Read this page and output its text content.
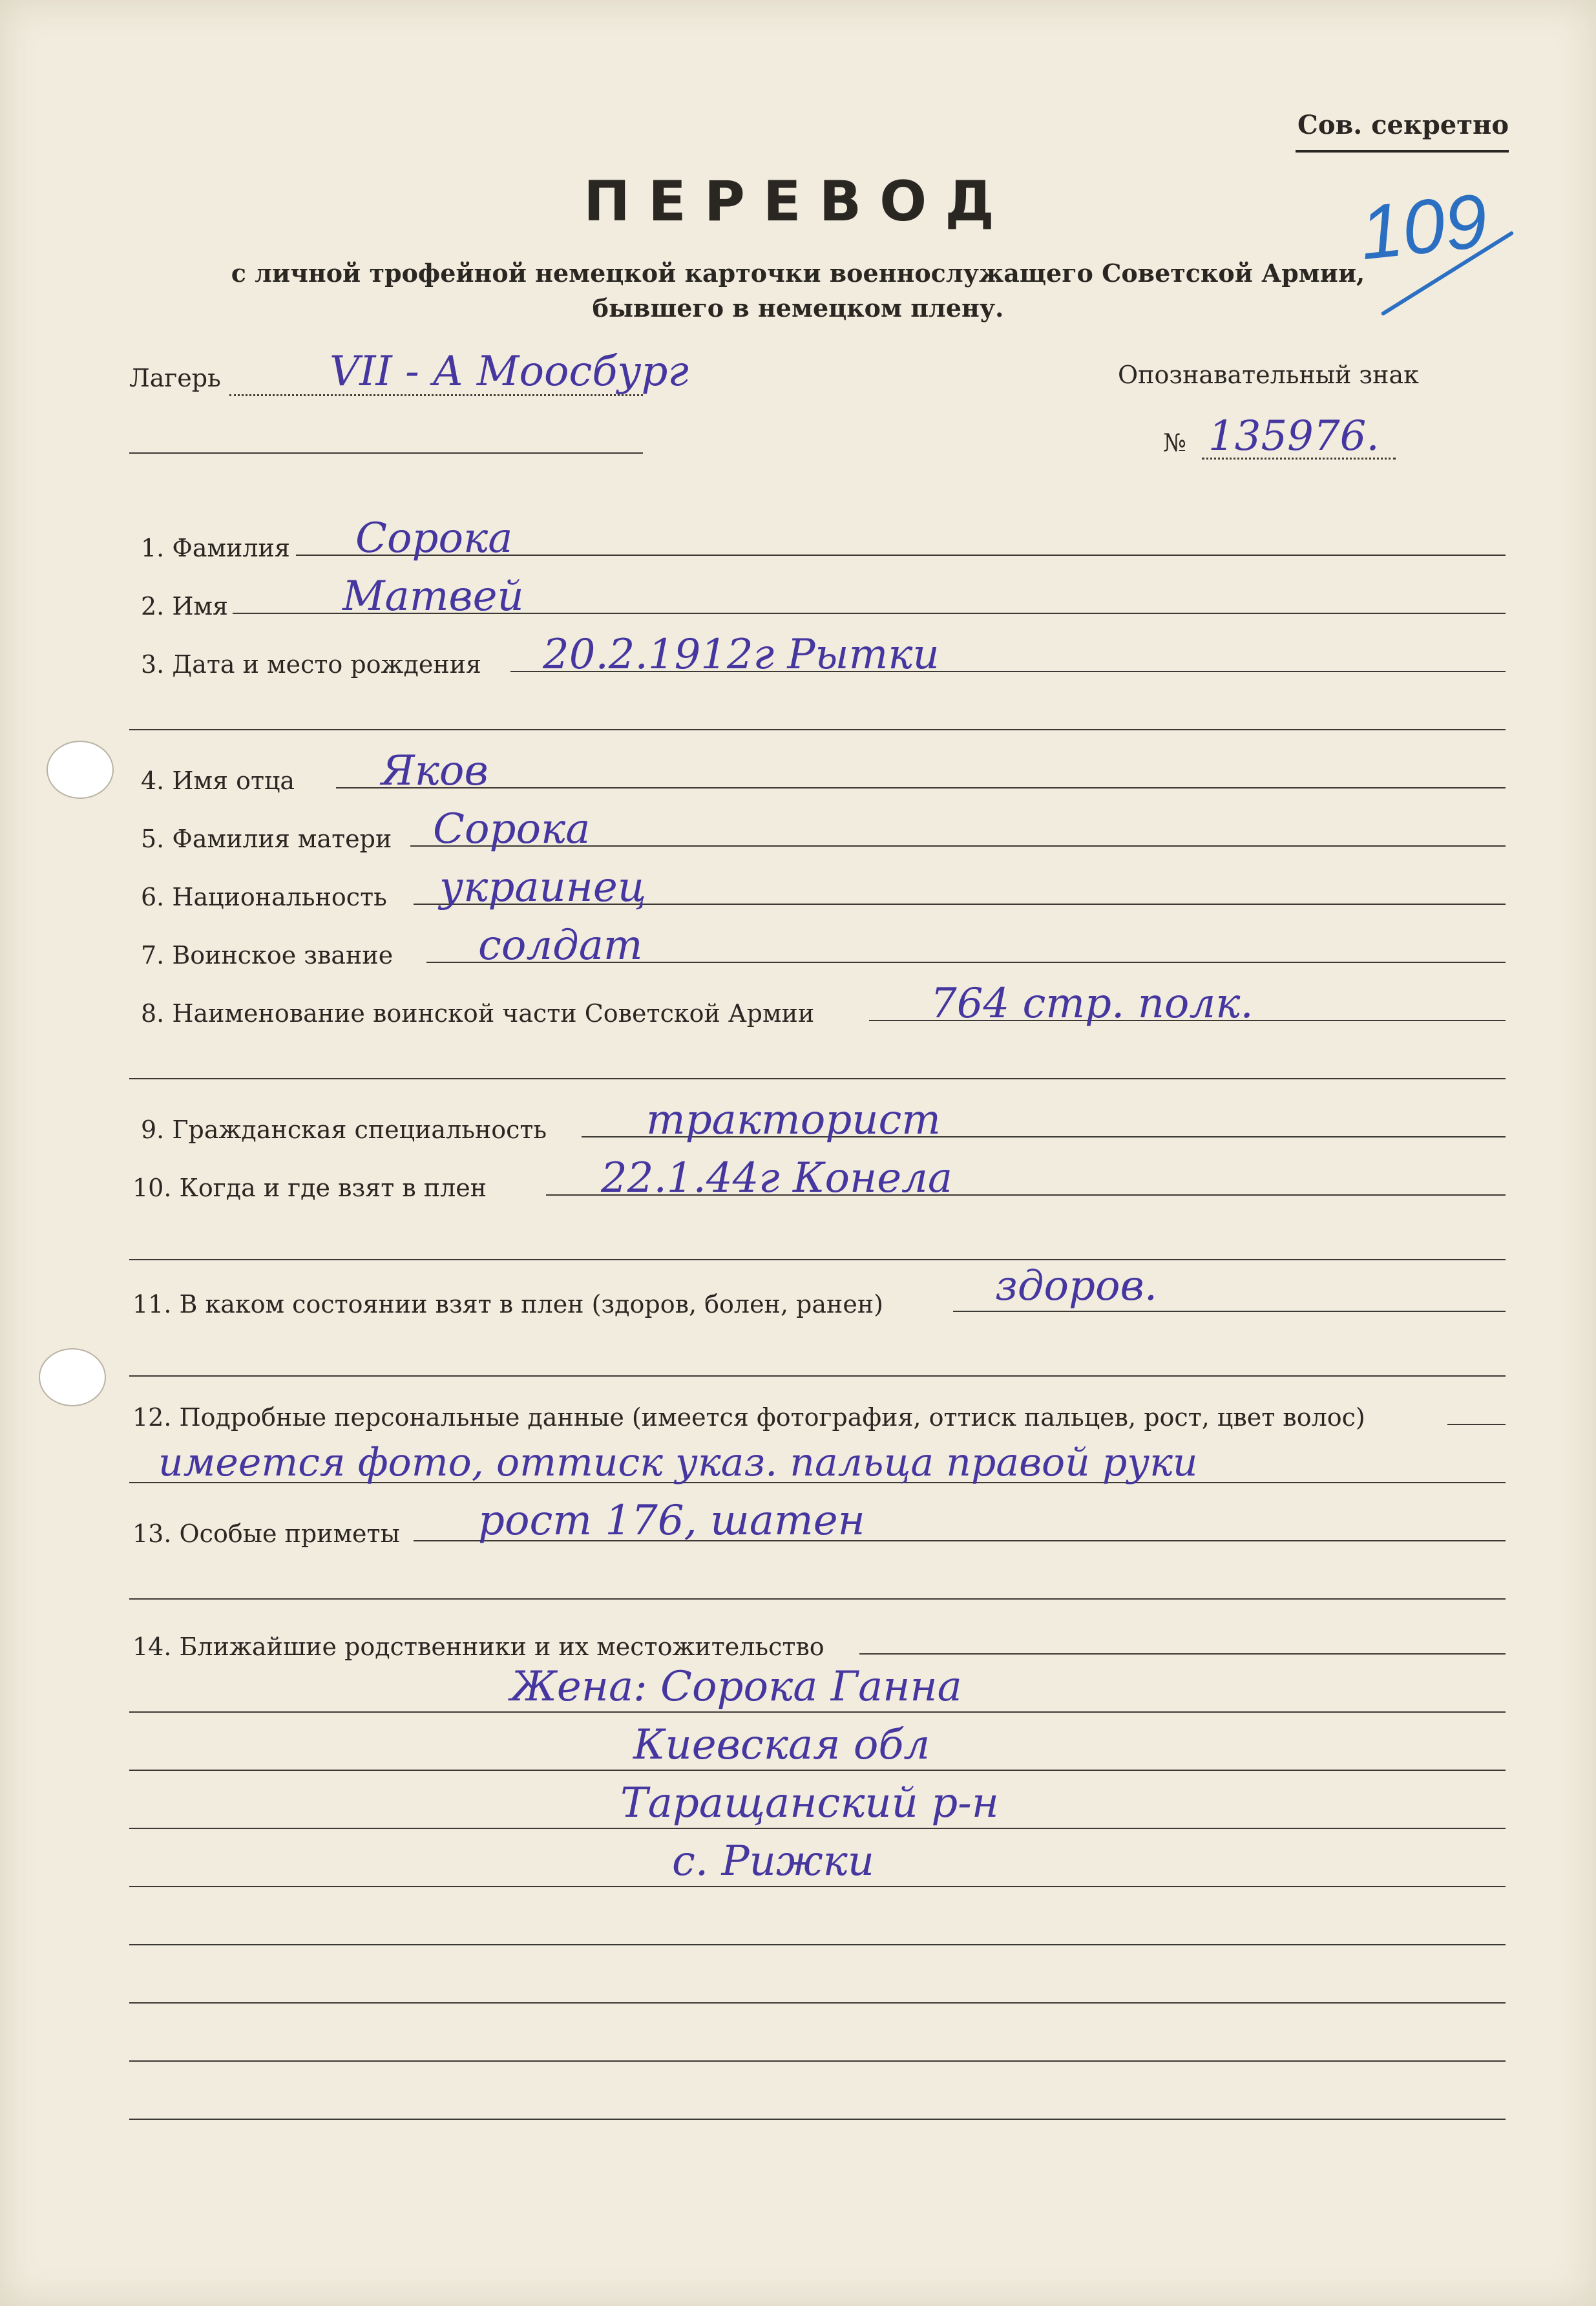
Сов. секретно
ПЕРЕВОД
с личной трофейной немецкой карточки военнослужащего Советской Армии,
бывшего в немецком плену.
109
Лагерь	VII - А Моосбург	Опознавательный знак
№ 135976.
1. Фамилия Сорока
2. Имя	Матвей
3. Дата и место рождения 20.2.1912г Рытки
4. Имя отца Яков
5. Фамилия матери Сорока
6. Национальность украинец
7. Воинское звание солдат
8. Наименование воинской части Советской Армии	764 стр. полк.
9. Гражданская специальность тракторист
10. Когда и где взят в плен	22.1.44г Конела
11. В каком состоянии взят в плен (здоров, болен, ранен)	здоров.
12. Подробные персональные данные (имеется фотография, оттиск пальцев, рост, цвет волос)
имеется фото, оттиск указ. пальца правой руки
13. Особые приметы рост 176, шатен
14. Ближайшие родственники и их местожительство
Жена: Сорока Ганна
Киевская обл
Таращанский р-н
с. Рижки
